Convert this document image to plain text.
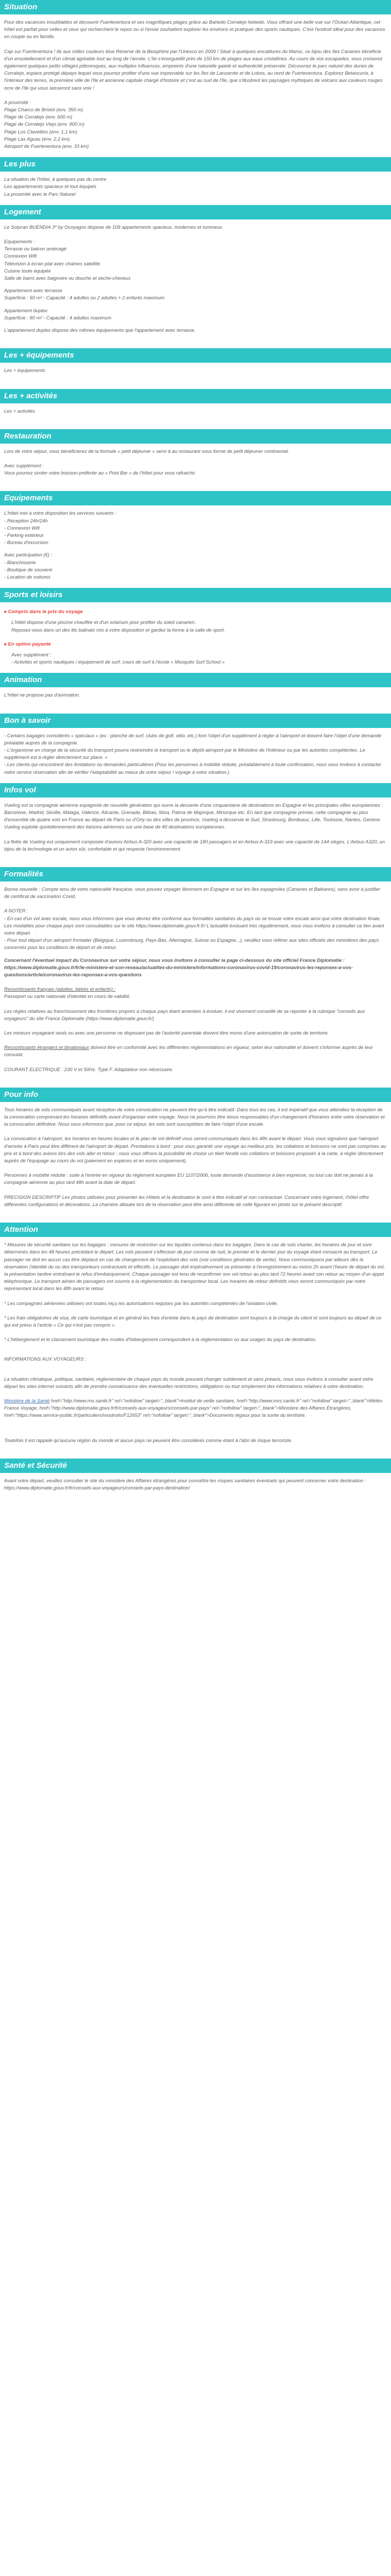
Situation

Pour des vacances inoubliables et découvrir Fuerteventura et ses magnifiques plages grâce au Bahedo Corralejo hebedo. Vous offrant une belle vue sur l'Océan Atlantique, cet hôtel est parfait pour celles et ceux qui recherchent le repos ou si l'envie souhaitent explorer les environs et pratiquer des sports nautiques. C'est l'endroit idéal pour des vacances en couple ou en famille.

Cap sur Fuerteventura ! Ile aux milles couleurs élue Réserve de la Biosphère par l'Unesco en 2009 ! Situé à quelques encablures du Maroc, ce bijou des îles Canaries bénéficie d'un ensoleillement et d'un climat agréable tout au long de l'année. L'île s'enorgueillit près de 150 km de plages aux eaux cristallines. Au cours de vos escapades, vous croiserez également quelques petits villages pittoresques, aux multiples influences, empreints d'une naturelle gaieté et authenticité préservée. Découvrez le parc naturel des dunes de Corralejo, espace protégé dépays lequel vous pourrez profiter d'une vue imprenable sur les îles de Lanzarote et de Lobos, au nord de Fuerteventura. Explorez Betancuria, à l'intérieur des terres, la première ville de l'île et ancienne capitale chargé d'histoire et c'est au sud de l'île, que s'illustrent les paysages mythiques de volcans aux couleurs rouges ocre de l'île qui vous laisseront sans voix !

A proximité :
Plage Charco de Bristol (env. 350 m)
Plage de Corralejo (env. 600 m)
Plage de Corralejo Viejo (env. 900 m)
Plage Los Clavelitos (env. 1,1 km)
Plage Las Aguas (env. 2,2 km)
Aéroport de Fuerteventura (env. 33 km)
Les plus
La situation de l'hôtel, à quelques pas du centre
Les appartements spacieux et tout équipés
La proximité avec le Parc Naturel
Logement

Le Solycan BUENDIA 3* by Ocoyagos dispose de 109 appartements spacieux, modernes et lumineux.

Equipements :
Terrasse ou balcon aménagé
Connexion Wifi
Télévision à écran plat avec chaînes satellite
Cuisine toute équipée
Salle de bains avec baignoire ou douche et sèche-cheveux
Appartement avec terrasse
Superficie : 60 m² - Capacité : 4 adultes ou 2 adultes + 2 enfants maximum
Appartement duplex
Superficie : 80 m² - Capacité : 4 adultes maximum

L'appartement duplex dispose des mêmes équipements que l'appartement avec terrasse.

Les + équipements

Les + équipements

Les + activités

Les + activités

Restauration

Lors de votre séjour, vous bénéficierez de la formule « petit déjeuner » servi à au restaurant sous forme de petit déjeuner continental.

Avec supplément :

Vous pourrez siroter votre boisson préférée au « Pool Bar » de l'hôtel pour vous rafraichir.

Equipements
L'hôtel met à votre disposition les services suivants :
- Réception 24h/24h
- Connexion Wifi
- Parking extérieur
- Bureau d'excursion
Avec participation (€) :
- Blanchisserie
- Boutique de souvenir
- Location de voitures
Sports et loisirs
▸ Compris dans le prix du voyage
L'hôtel dispose d'une piscine chauffée et d'un solarium pour profiter du soleil canarien.
Reposez-vous dans un des lits balinais mis à votre disposition et gardez la forme à la salle de sport.
▸ En option payante
Avec supplément :
- Activités et sports nautiques / équipement de surf, cours de surf à l'école « Mosquito Surf School »
Animation

L'hôtel ne propose pas d'animation.

Bon à savoir
- Certains bagages considérés « spéciaux » (ex : planche de surf, clubs de golf, vélo, etc.) font l'objet d'un supplément à régler à l'aéroport et doivent faire l'objet d'une demande préalable auprès de la compagnie.
- L'organisme en charge de la sécurité du transport pourra restreindre le transport ou le dépôt aéroport par le Ministère de l'Intérieur ou par les autorités compétentes. Le supplément est à régler directement sur place. »
- Les clients qui rencontrent des limitations ou demandes particulières (Pour les personnes à mobilité réduite, préalablement à toute confirmation, nous vous invitons à contacter notre service réservation afin de vérifier l'adaptabilité au mieux de votre séjour / voyage à votre situation.)
Infos vol

Vueling est la compagnie aérienne espagnole de nouvelle génération qui ouvre la desserte d'une cinquantaine de destinations en Espagne et les principales villes européennes : Barcelone, Madrid, Séville, Malaga, Valence, Alicante, Grenade, Bilbao, Ibiza, Palma de Majorque, Minorque etc. En tant que compagnie primée, cette compagnie au plus d'ensemble de quatre vols en France au départ de Paris ou d'Orly ou des villes de province, Vueling a desservie le Sud, Strasbourg, Bordeaux, Lille, Toulouse, Nantes, Genève. Vueling exploite quotidiennement des liaisons aériennes sur une base de 40 destinations européennes.

La flotte de Vueling est uniquement composée d'avions Airbus A-320 avec une capacité de 180 passagers et en Airbus A-319 avec une capacité de 144 sièges. L'Airbus A320, un bijou de la technologie et un avion sûr, confortable et qui respecte l'environnement.

Formalités

Bonne nouvelle : Compte tenu de votre nationalité française, vous pouvez voyager librement en Espagne et sur les îles espagnoles (Canaries et Baléares), sans avoir à justifier de certificat de vaccination Covid.

A NOTER :
- En cas d'un vol avec escale, nous vous informons que vous devrez être conforme aux formalités sanitaires du pays où se trouve votre escale ainsi que votre destination finale.
Les modalités pour chaque pays sont consultables sur le site https://www.diplomatie.gouv.fr.fr/ L'actualité évoluant très régulièrement, nous vous invitons à consulter ce lien avant votre départ.
- Pour tout départ d'un aéroport frontalier (Belgique, Luxembourg, Pays-Bas, Allemagne, Suisse ou Espagne...), veuillez vous référer aux sites officiels des ministères des pays concernés pour les conditions de départ et de retour.

Concernant l'éventuel impact du Coronavirus sur votre séjour, nous vous invitons à consulter la page ci-dessous du site officiel France Diplomatie : https://www.diplomatie.gouv.fr/fr/le-ministere-et-son-reseau/actualites-du-ministere/informations-coronavirus-covid-19/coronavirus-les-reponses-a-vos-questions/article/coronavirus-les-reponses-a-vos-questions

Ressortissants français (adultes, bébés et enfants) :

Passeport ou carte nationale d'identité en cours de validité.

Les règles relatives au franchissement des frontières propres à chaque pays étant amenées à évoluer, il est vivement conseillé de se reporter à la rubrique "conseils aux voyageurs" du site France Diplomatie (https://www.diplomatie.gouv.fr/)

Les mineurs voyageant seuls ou avec une personne ne disposant pas de l'autorité parentale doivent être munis d'une autorisation de sortie de territoire.

Ressortissants étrangers et binationaux doivent être en conformité avec les différentes réglementations en vigueur, selon leur nationalité et doivent s'informer auprès de leur consulat.

COURANT ELECTRIQUE : 230 V et 50Hz. Type F. Adaptateur non nécessaire.

Pour info

Tous horaires de vols communiqués avant réception de votre convocation ne peuvent être qu'à titre indicatif. Dans tous les cas, il est impératif que vous attendiez la réception de la convocation comprenant les horaires définitifs avant d'organiser votre voyage. Nous ne pourrons être tenus responsables d'un changement d'horaires entre votre réservation et la convocation définitive. Nous vous informons que, pour ce séjour, les vols sont susceptibles de faire l'objet d'une escale.

La convocation à l'aéroport, les horaires en heures locales et le plan de vol définitif vous seront communiqués dans les 48h avant le départ. Vous vous signalons que l'aéroport d'arrivée à Paris peut être différent de l'aéroport de départ. Prestations à bord : pour vous garantir une voyage au meilleur prix, les collations et boissons ne sont pas comprises au prix et à bord des avions lors des vols aller et retour ; nous vous offrons la possibilité de choisir un tiket Nestlé vos collations et boissons proposés à la carte, à régler directement auprès de l'équipage au cours du vol (paiement en espèces et en euros uniquement).

Personnes à mobilité réduite : suite à l'entrée en vigueur du règlement européen EU 1107/2006, toute demande d'assistance à bien expresse, ou tout cas doit ne jamais à la compagnie aérienne au plus tard 48h avant la date de départ.

PRECISION DESCRIPTIF Les photos utilisées pour présenter les Hôtels et la destination le sont à titre indicatif et non contractuel. Concernant votre logement, l'hôtel offre différentes configurations et décorations. La chambre allouée lors de la réservation peut être ainsi différente de celle figurant en photo sur le présent descriptif.

Attention

* Mesures de sécurité sanitaire sur les bagages : mesures de restriction sur les liquides contenus dans les bagages. Dans le cas de vols charter, les horaires de jour et sont déterminés dans les 48 heures précédant le départ. Les vols peuvent s'effectuer de jour comme de nuit, le premier et le dernier jour du voyage étant consacré au transport. Le passager ne doit en aucun cas être déplacé en cas de changement de l'exploitant des vols (voir conditions générales de vente). Nous communiquons par ailleurs dès la réservation l'identité du ou des transporteurs contractuels et effectifs. Le passager doit impérativement se présenter à l'enregistrement au moins 2h avant l'heure de départ du vol, la présentation tardive entraînant le refus d'embarquement. Chaque passager est tenu de reconfirmer son vol retour au plus tard 72 heures avant son retour au moyen d'un appel téléphonique. Le transport aérien de passagers est soumis à la réglementation du transporteur local. Les horaires de retour définitifs vous seront communiqués par notre représentant local dans les 48h avant le retour.

* Les compagnies aériennes utilisées ont toutes reçu les autorisations requises par les autorités compétentes de l'aviation civile.

* Les frais obligatoires de visa, de carte touristique et en général les frais d'entrée dans le pays de destination sont toujours à la charge du client et sont toujours au départ de ce qui est prévu à l'article « Ce qui n'est pas compris ».

* L'hébergement et le classement touristique des modes d'hébergement correspondent à la réglementation ou aux usages du pays de destination.

INFORMATIONS AUX VOYAGEURS :

La situation climatique, politique, sanitaire, réglementaire de chaque pays du monde pouvant changer subitement et sans préavis, nous vous invitons à consulter avant votre départ les sites internet suivants afin de prendre connaissance des éventuelles restrictions, obligations ou tout simplement des informations relatives à votre destination.

Ministère de la Santé href="http://www.rns.santé.fr" rel="nofollow" target="_blank">Institut de veille sanitaire, href="http://www.invs.santé.fr" rel="nofollow" target="_blank">Météo France Voyage, href="http://www.diplomatie.gouv.fr/fr/conseils-aux-voyageurs/conseils-par-pays" rel="nofollow" target="_blank">Ministère des Affaires Étrangères, href="https://www.service-public.fr/particuliers/vosdroits/F12653" rel="nofollow" target="_blank">Documents légaux pour la sortie du territoire.

Toutefois il est rappelé qu'aucune région du monde et aucun pays ne peuvent être considérés comme étant à l'abri de risque terroriste.

Santé et Sécurité

Avant votre départ, veuillez consulter le site du ministère des Affaires étrangères pour connaître les risques sanitaires éventuels qui peuvent concerner votre destination : https://www.diplomatie.gouv.fr/fr/conseils-aux-voyageurs/conseils-par-pays-destination/
